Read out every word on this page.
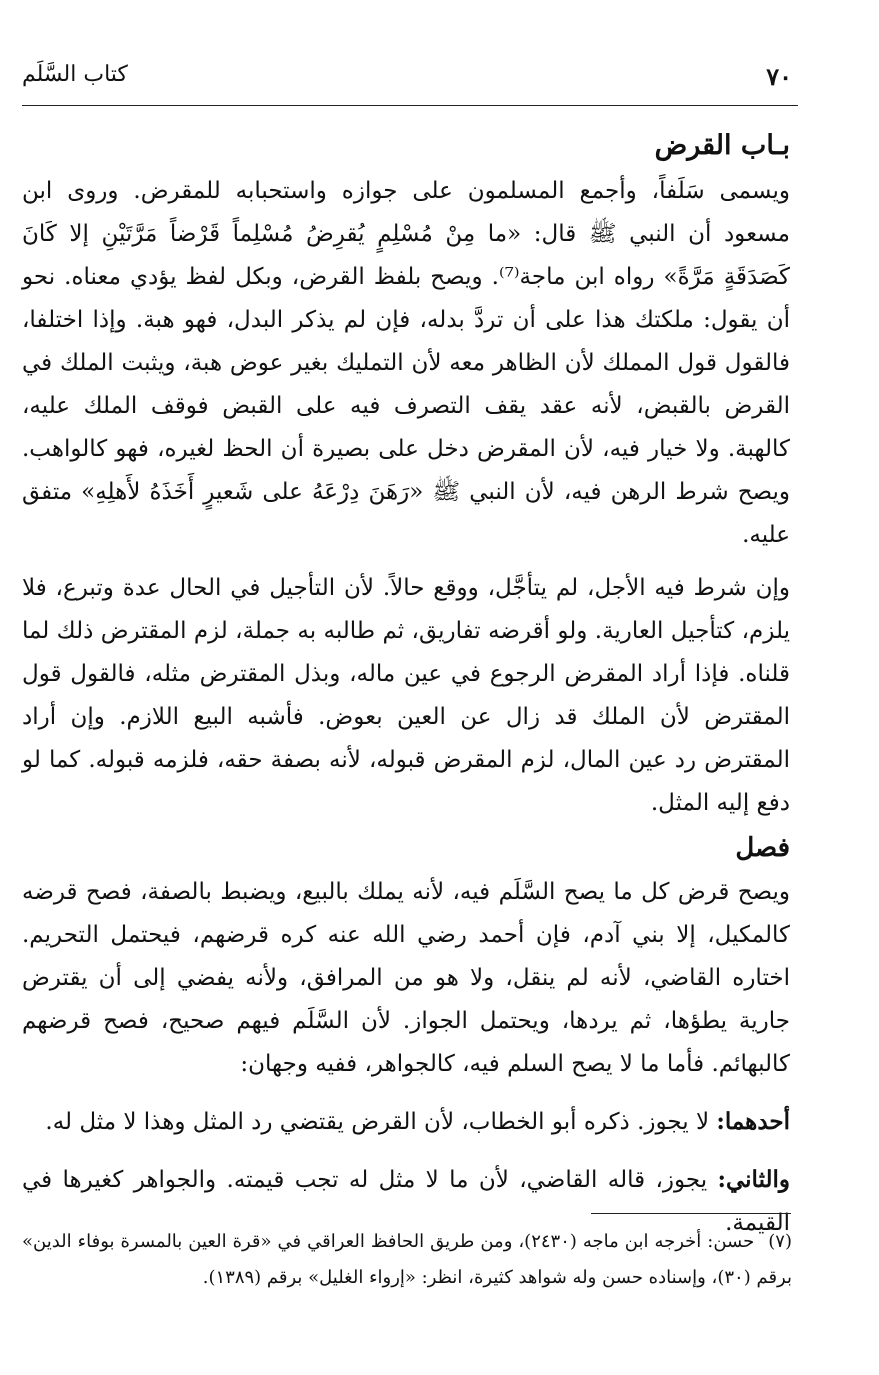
كتاب السَّلَم	٧٠

بـاب القرض

ويسمى سَلَفاً، وأجمع المسلمون على جوازه واستحبابه للمقرض. وروى ابن مسعود أن النبي ﷺ قال: «ما مِنْ مُسْلِمٍ يُقرِضُ مُسْلِماً قَرْضاً مَرَّتَيْنِ إلا كَانَ كَصَدَقَةٍ مَرَّةً» رواه ابن ماجة⁽⁷⁾. ويصح بلفظ القرض، وبكل لفظ يؤدي معناه. نحو أن يقول: ملكتك هذا على أن تردَّ بدله، فإن لم يذكر البدل، فهو هبة. وإذا اختلفا، فالقول قول المملك لأن الظاهر معه لأن التمليك بغير عوض هبة، ويثبت الملك في القرض بالقبض، لأنه عقد يقف التصرف فيه على القبض فوقف الملك عليه، كالهبة. ولا خيار فيه، لأن المقرض دخل على بصيرة أن الحظ لغيره، فهو كالواهب. ويصح شرط الرهن فيه، لأن النبي ﷺ «رَهَنَ دِرْعَهُ على شَعيرٍ أَخَذَهُ لأَهلِهِ» متفق عليه.

وإن شرط فيه الأجل، لم يتأجَّل، ووقع حالاً. لأن التأجيل في الحال عدة وتبرع، فلا يلزم، كتأجيل العارية. ولو أقرضه تفاريق، ثم طالبه به جملة، لزم المقترض ذلك لما قلناه. فإذا أراد المقرض الرجوع في عين ماله، وبذل المقترض مثله، فالقول قول المقترض لأن الملك قد زال عن العين بعوض. فأشبه البيع اللازم. وإن أراد المقترض رد عين المال، لزم المقرض قبوله، لأنه بصفة حقه، فلزمه قبوله. كما لو دفع إليه المثل.

فصل

ويصح قرض كل ما يصح السَّلَم فيه، لأنه يملك بالبيع، ويضبط بالصفة، فصح قرضه كالمكيل، إلا بني آدم، فإن أحمد رضي الله عنه كره قرضهم، فيحتمل التحريم. اختاره القاضي، لأنه لم ينقل، ولا هو من المرافق، ولأنه يفضي إلى أن يقترض جارية يطؤها، ثم يردها، ويحتمل الجواز. لأن السَّلَم فيهم صحيح، فصح قرضهم كالبهائم. فأما ما لا يصح السلم فيه، كالجواهر، ففيه وجهان:

أحدهما: لا يجوز. ذكره أبو الخطاب، لأن القرض يقتضي رد المثل وهذا لا مثل له.

والثاني: يجوز، قاله القاضي، لأن ما لا مثل له تجب قيمته. والجواهر كغيرها في القيمة.

(٧)حسن: أخرجه ابن ماجه (٢٤٣٠)، ومن طريق الحافظ العراقي في «قرة العين بالمسرة بوفاء الدين» برقم (٣٠)، وإسناده حسن وله شواهد كثيرة، انظر: «إرواء الغليل» برقم (١٣٨٩).
